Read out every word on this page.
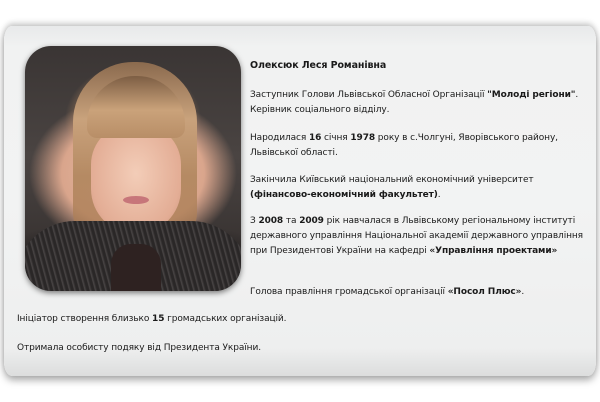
Олексюк Леся Романівна
Заступник Голови Львівської Обласної Організації "Молоді регіони".
Керівник соціального відділу.
Народилася 16 січня 1978 року в с.Чолгуні, Яворівського району, Львівської області.
Закінчила Київський національний економічний університет (фінансово-економічний факультет).
З 2008 та 2009 рік навчалася в Львівському регіональному інституті державного управління Національної академії державного управління при Президентові України на кафедрі «Управління проектами»
Голова правління громадської організації «Посол Плюс».
Ініціатор створення близько 15 громадських організацій.
Отримала особисту подяку від Президента України.
